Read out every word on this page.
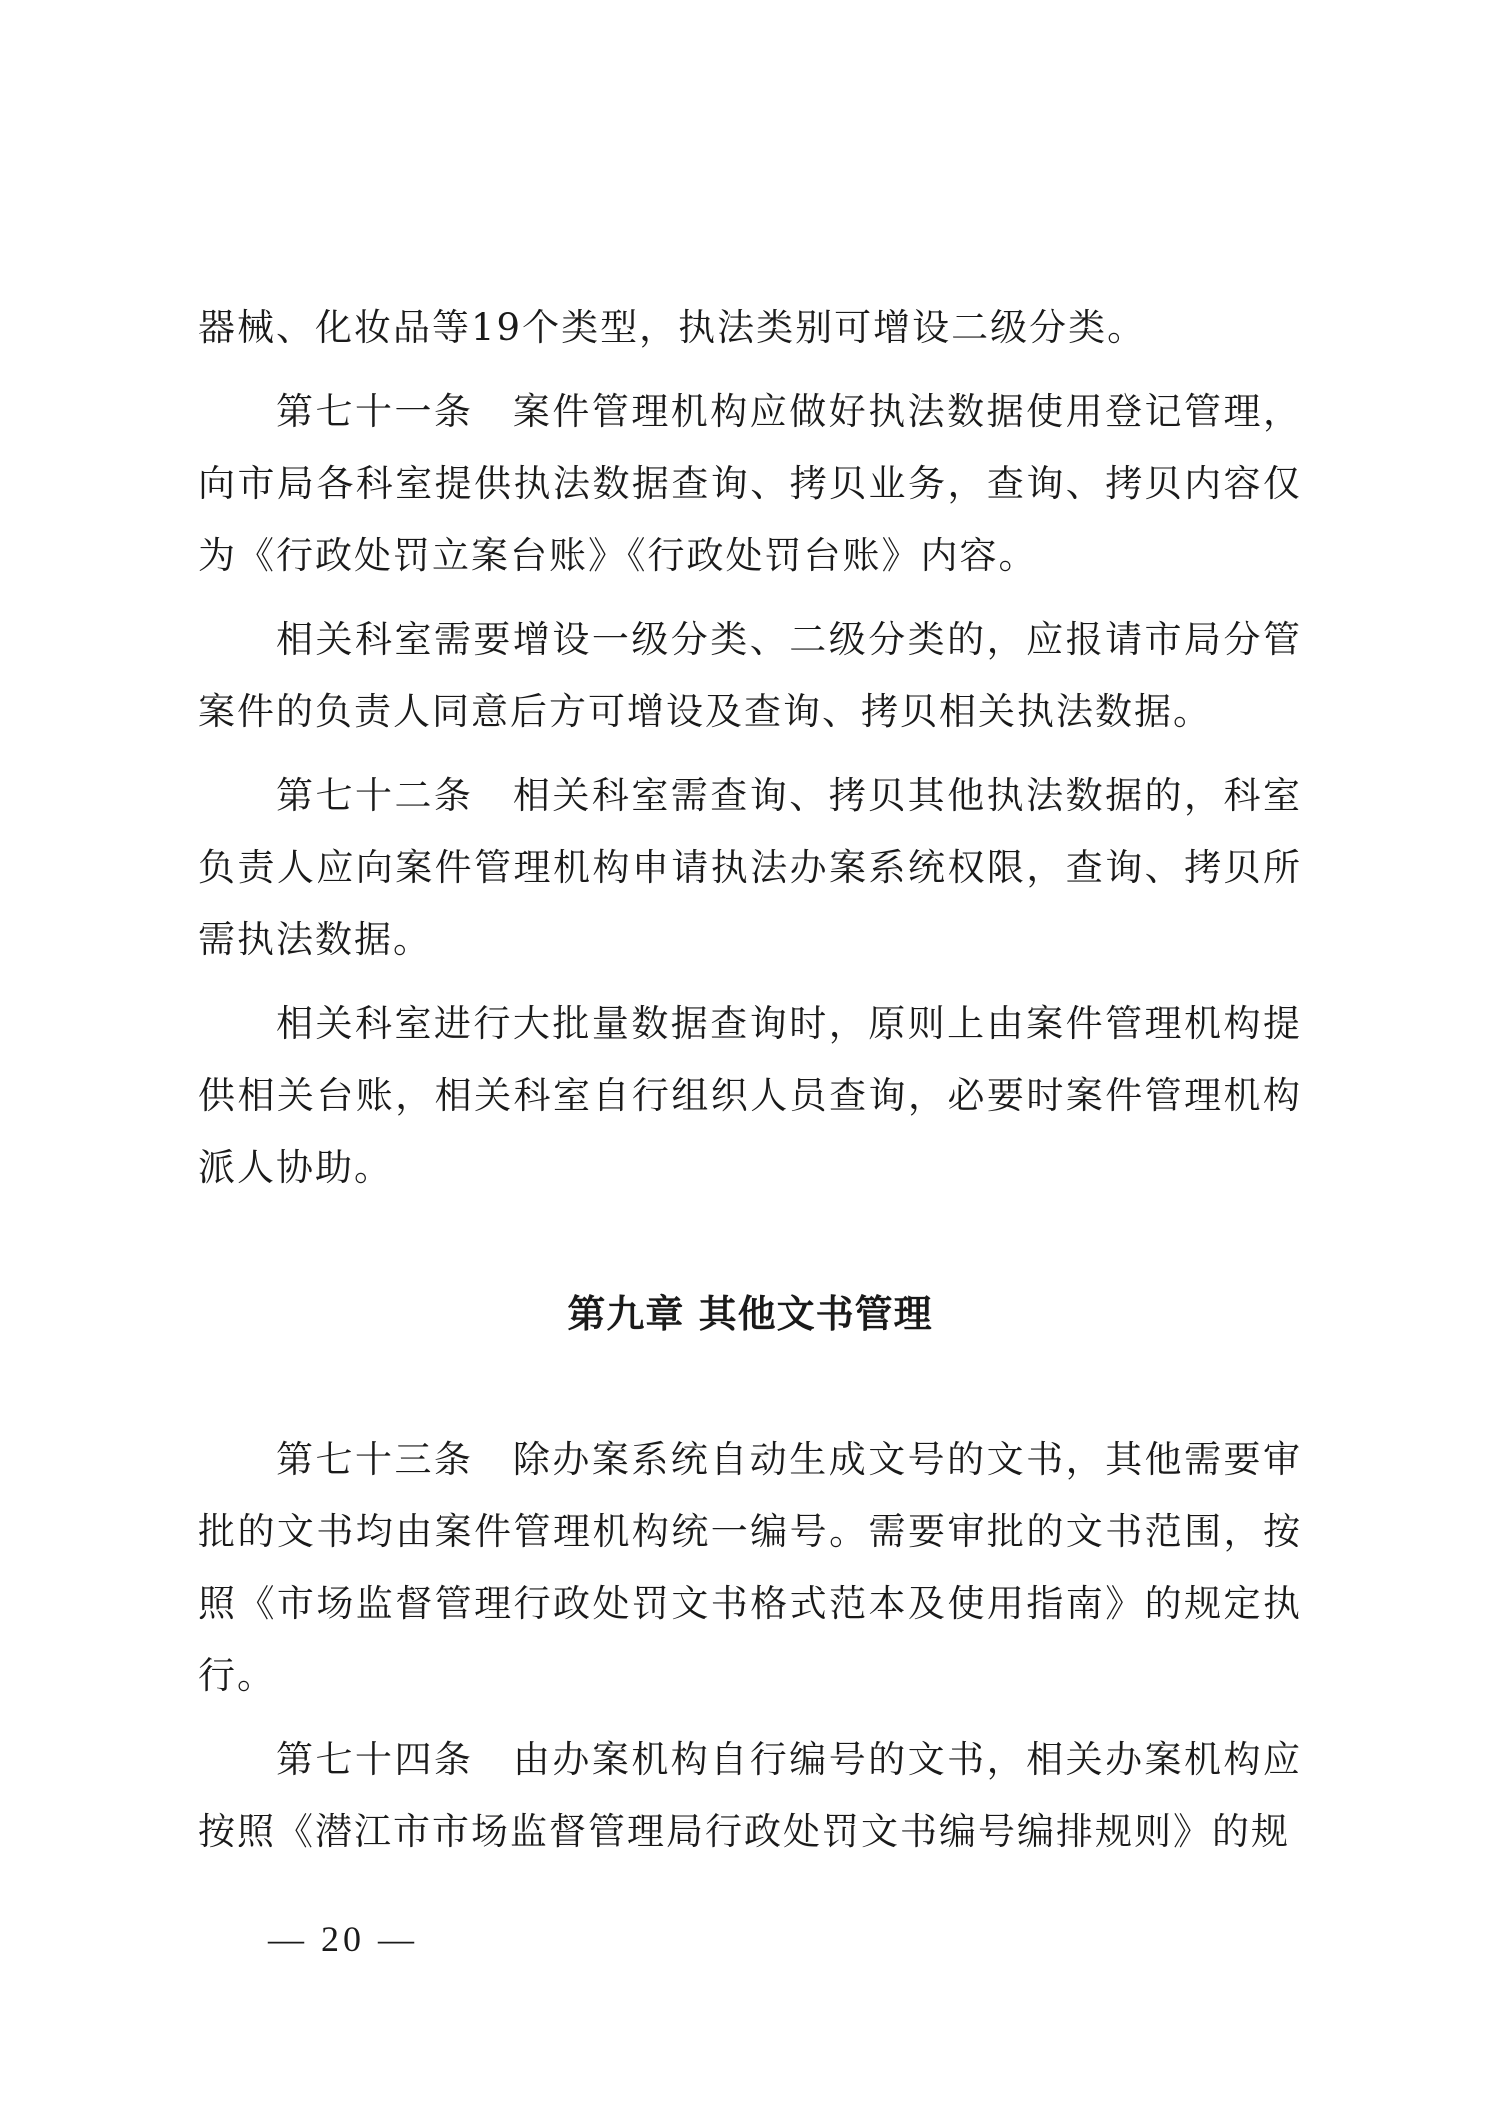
器械、化妆品等19个类型，执法类别可增设二级分类。

第七十一条　案件管理机构应做好执法数据使用登记管理，向市局各科室提供执法数据查询、拷贝业务，查询、拷贝内容仅为《行政处罚立案台账》《行政处罚台账》内容。

相关科室需要增设一级分类、二级分类的，应报请市局分管案件的负责人同意后方可增设及查询、拷贝相关执法数据。

第七十二条　相关科室需查询、拷贝其他执法数据的，科室负责人应向案件管理机构申请执法办案系统权限，查询、拷贝所需执法数据。

相关科室进行大批量数据查询时，原则上由案件管理机构提供相关台账，相关科室自行组织人员查询，必要时案件管理机构派人协助。

第九章 其他文书管理

第七十三条　除办案系统自动生成文号的文书，其他需要审批的文书均由案件管理机构统一编号。需要审批的文书范围，按照《市场监督管理行政处罚文书格式范本及使用指南》的规定执行。

第七十四条　由办案机构自行编号的文书，相关办案机构应按照《潜江市市场监督管理局行政处罚文书编号编排规则》的规

— 20 —
